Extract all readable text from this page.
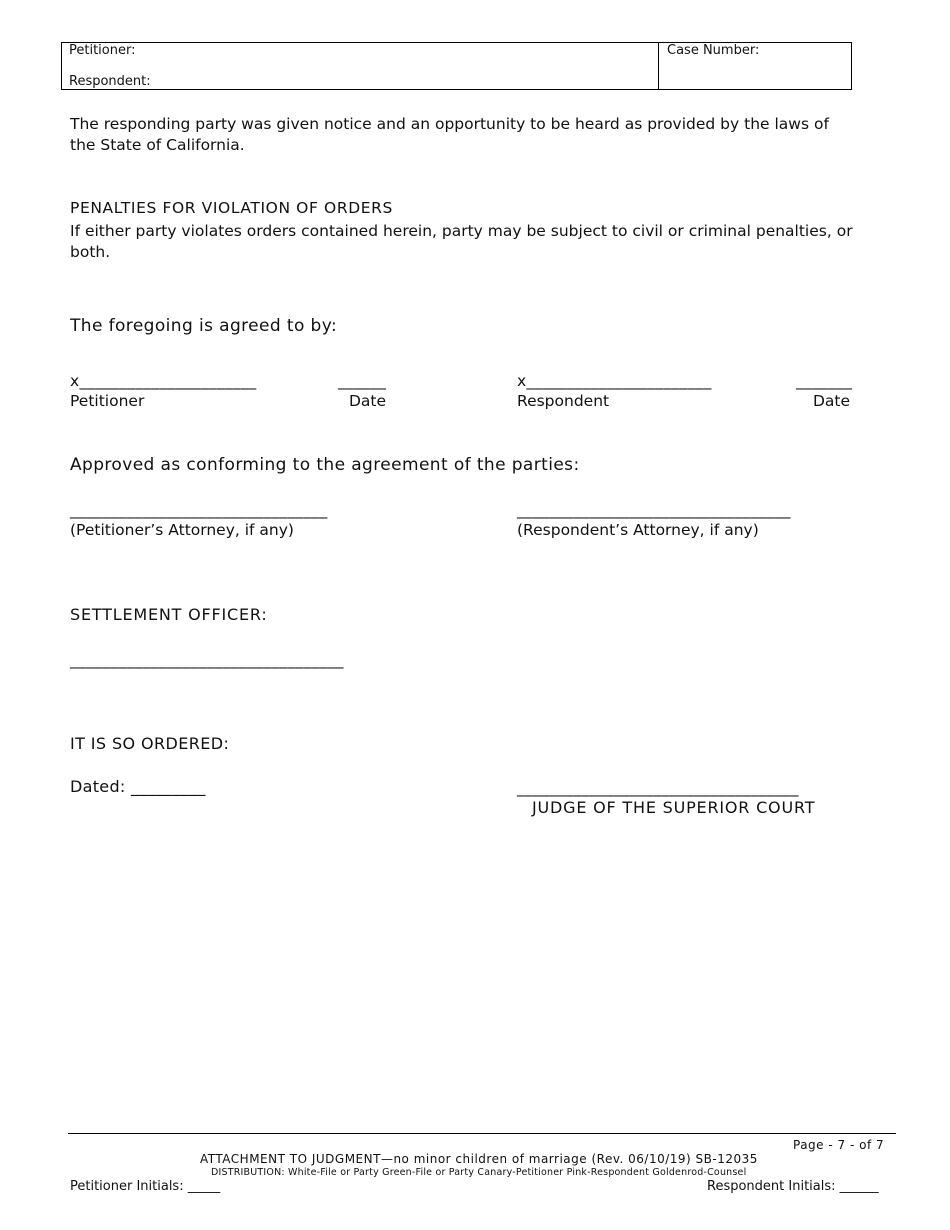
Petitioner:
Respondent:
Case Number:
The responding party was given notice and an opportunity to be heard as provided by the laws of
the State of California.
PENALTIES FOR VIOLATION OF ORDERS
If either party violates orders contained herein, party may be subject to civil or criminal penalties, or
both.
The foregoing is agreed to by:
x______________________	______
Petitioner	Date
x_______________________	_______
Respondent	Date
Approved as conforming to the agreement of the parties:
________________________________
(Petitioner’s Attorney, if any)
__________________________________
(Respondent’s Attorney, if any)
SETTLEMENT OFFICER:
__________________________________
IT IS SO ORDERED:
Dated: _________	___________________________________
JUDGE OF THE SUPERIOR COURT
Page - 7 - of 7
ATTACHMENT TO JUDGMENT—no minor children of marriage (Rev. 06/10/19) SB-12035
DISTRIBUTION: White-File or Party Green-File or Party Canary-Petitioner Pink-Respondent Goldenrod-Counsel
Petitioner Initials: _____	Respondent Initials: ______
